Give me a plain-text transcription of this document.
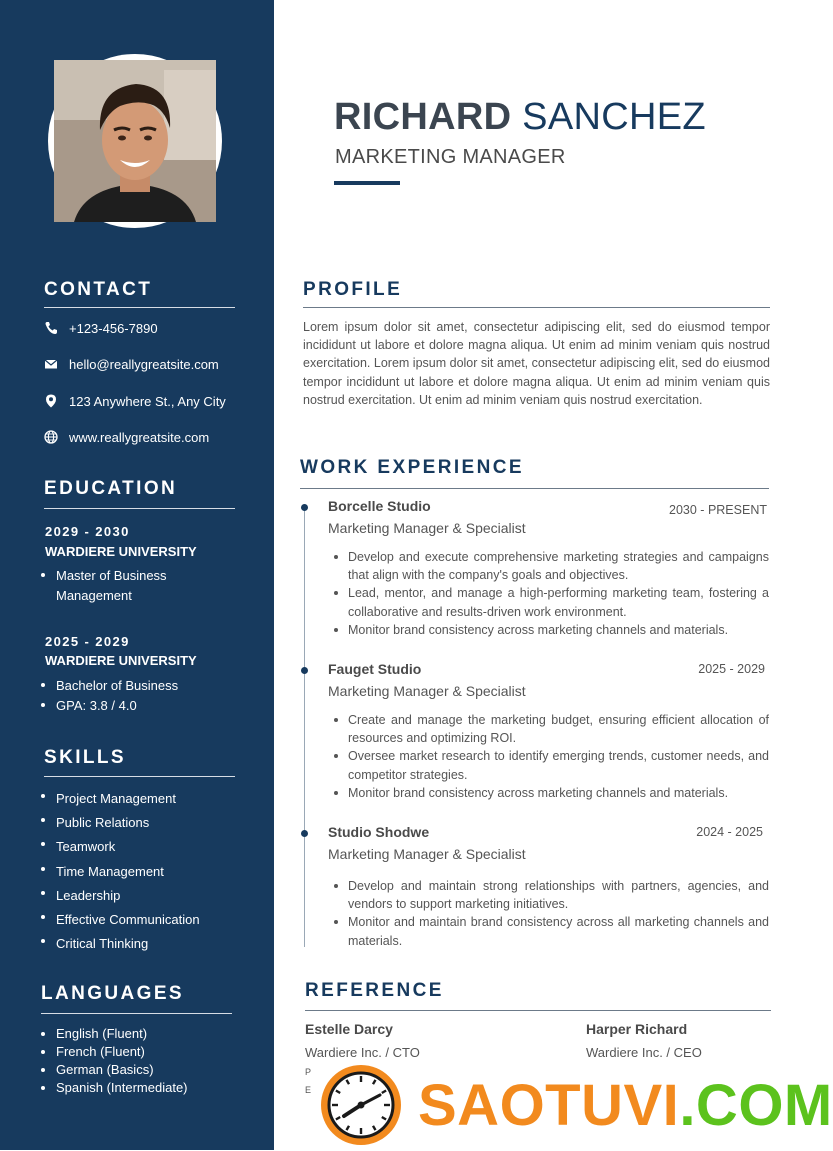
CONTACT
+123-456-7890
hello@reallygreatsite.com
123 Anywhere St., Any City
www.reallygreatsite.com
EDUCATION
2029 - 2030
WARDIERE UNIVERSITY
Master of Business Management
2025 - 2029
WARDIERE UNIVERSITY
Bachelor of Business
GPA: 3.8 / 4.0
SKILLS
Project Management
Public Relations
Teamwork
Time Management
Leadership
Effective Communication
Critical Thinking
LANGUAGES
English (Fluent)
French (Fluent)
German (Basics)
Spanish (Intermediate)
RICHARD SANCHEZ
MARKETING MANAGER
PROFILE
Lorem ipsum dolor sit amet, consectetur adipiscing elit, sed do eiusmod tempor incididunt ut labore et dolore magna aliqua. Ut enim ad minim veniam quis nostrud exercitation. Lorem ipsum dolor sit amet, consectetur adipiscing elit, sed do eiusmod tempor incididunt ut labore et dolore magna aliqua. Ut enim ad minim veniam quis nostrud exercitation. Ut enim ad minim veniam quis nostrud exercitation.
WORK EXPERIENCE
Borcelle Studio	2030 - PRESENT
Marketing Manager & Specialist
Develop and execute comprehensive marketing strategies and campaigns that align with the company's goals and objectives.
Lead, mentor, and manage a high-performing marketing team, fostering a collaborative and results-driven work environment.
Monitor brand consistency across marketing channels and materials.
Fauget Studio	2025 - 2029
Marketing Manager & Specialist
Create and manage the marketing budget, ensuring efficient allocation of resources and optimizing ROI.
Oversee market research to identify emerging trends, customer needs, and competitor strategies.
Monitor brand consistency across marketing channels and materials.
Studio Shodwe	2024 - 2025
Marketing Manager & Specialist
Develop and maintain strong relationships with partners, agencies, and vendors to support marketing initiatives.
Monitor and maintain brand consistency across all marketing channels and materials.
REFERENCE
Estelle Darcy
Wardiere Inc. / CTO
P
E
Harper Richard
Wardiere Inc. / CEO
SAOTUVI.COM
